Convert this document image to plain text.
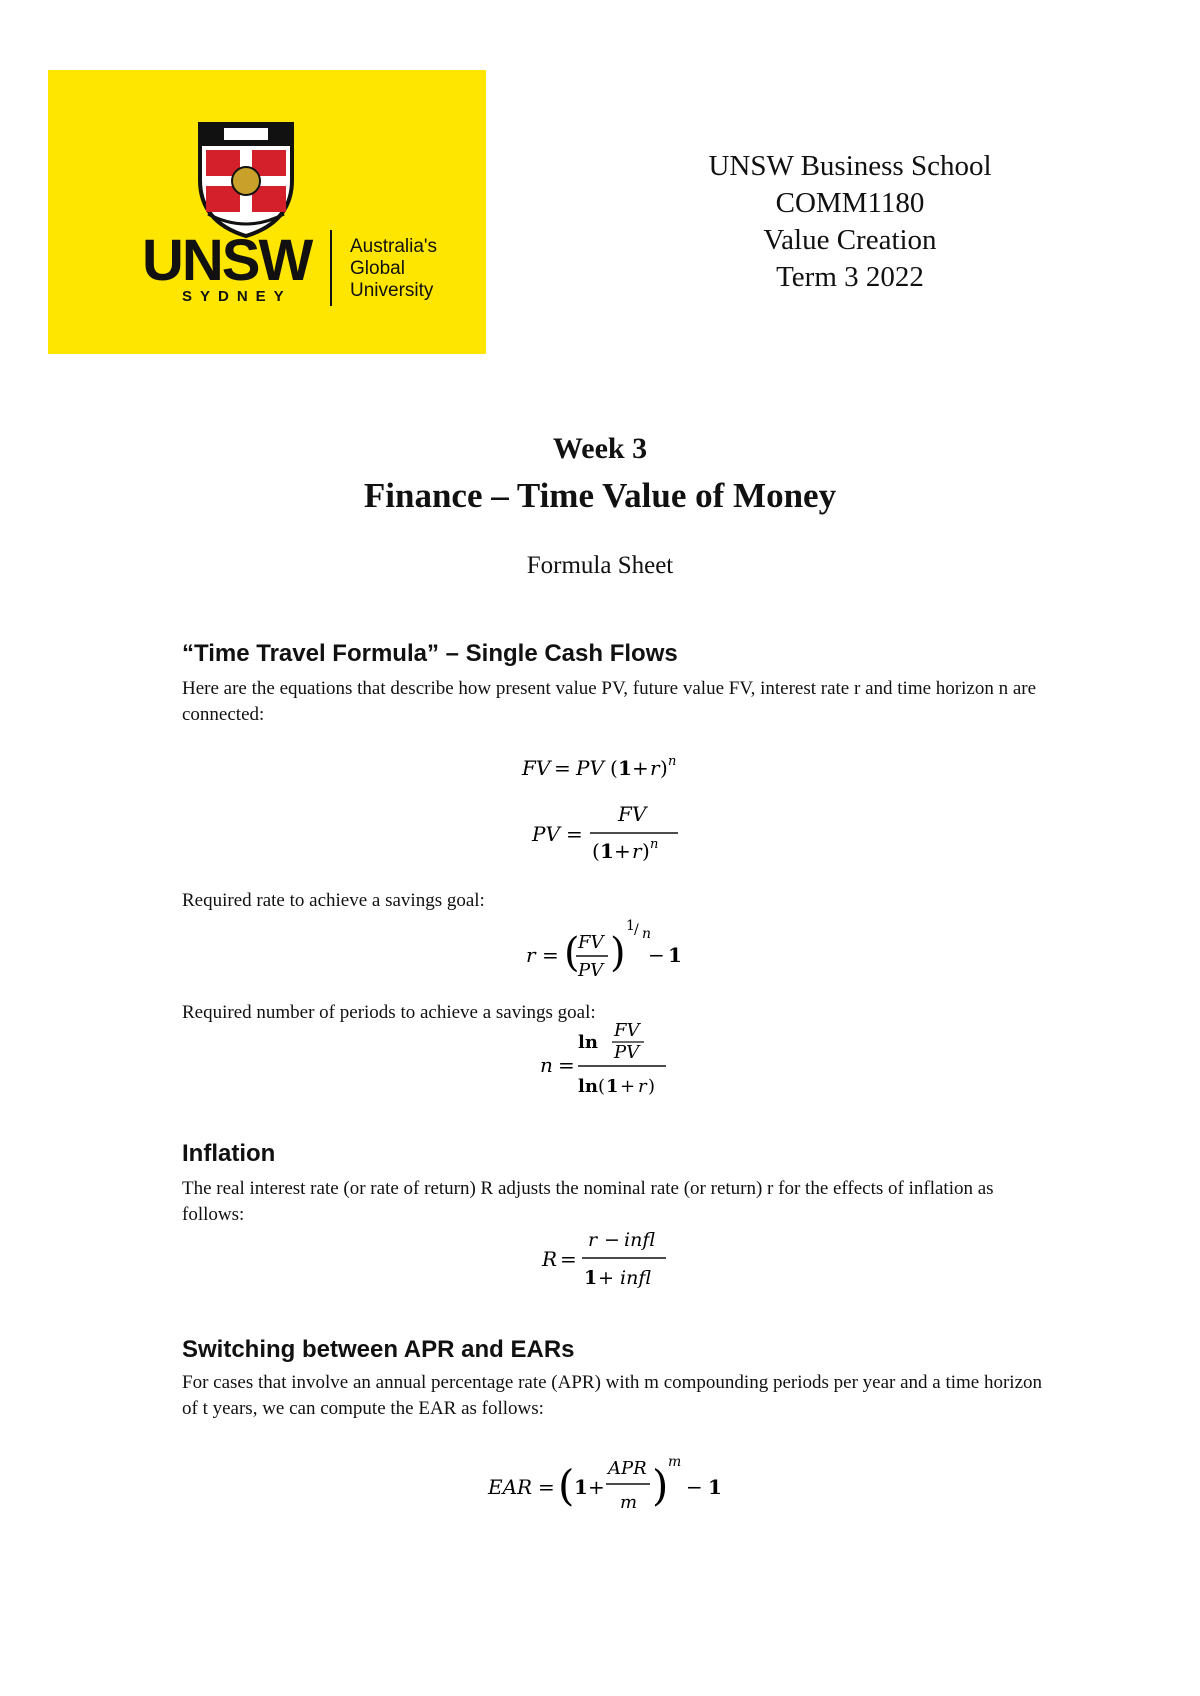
UNSW
SYDNEY
Australia's
Global
University
UNSW Business School
COMM1180
Value Creation
Term 3 2022
Week 3
Finance – Time Value of Money
Formula Sheet
“Time Travel Formula” – Single Cash Flows
Here are the equations that describe how present value PV, future value FV, interest rate r and time horizon n are connected:
FV = PV ( 1 + r ) n
PV =
FV
( 1 + r ) n
Required rate to achieve a savings goal:
r = (
FV
PV )
1 / n
− 1
Required number of periods to achieve a savings goal:
n =
ln
FV
PV
ln ( 1 + r )
Inflation
The real interest rate (or rate of return) R adjusts the nominal rate (or return) r for the effects of inflation as follows:
R =
r − infl
1 + infl
Switching between APR and EARs
For cases that involve an annual percentage rate (APR) with m compounding periods per year and a time horizon of t years, we can compute the EAR as follows:
EAR = ( 1 +
APR
m ) m
− 1
